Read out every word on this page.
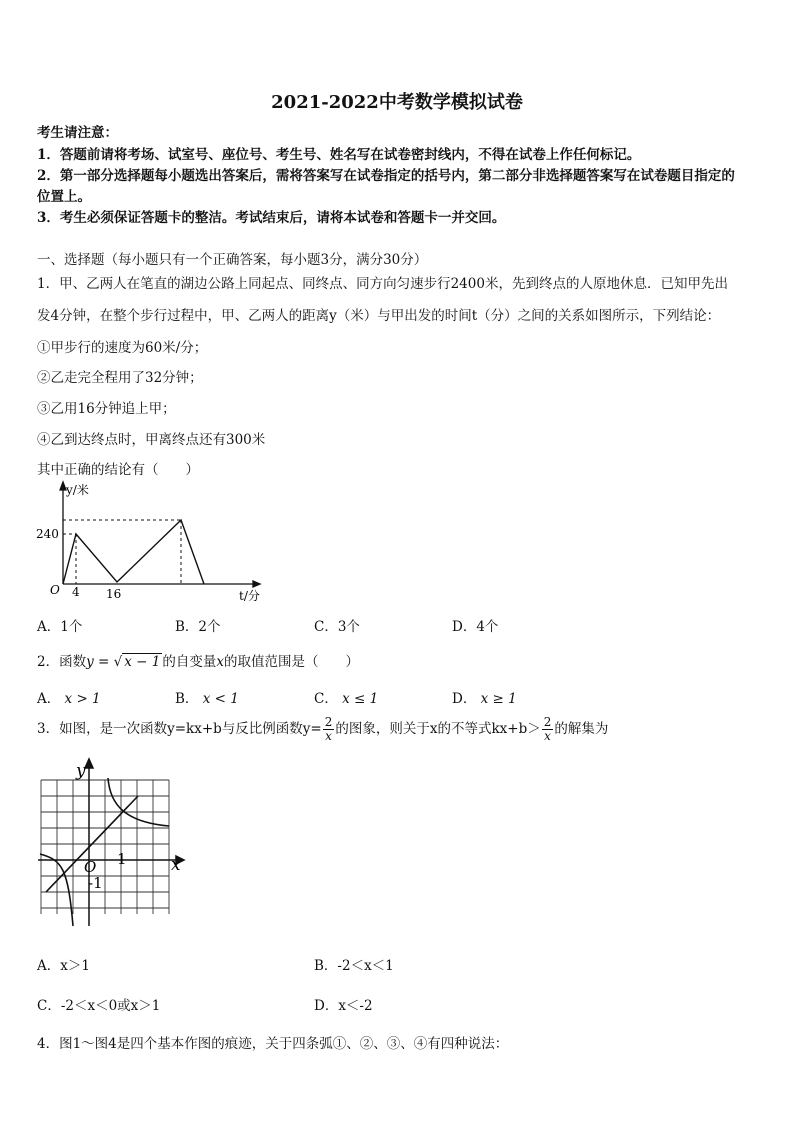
2021-2022中考数学模拟试卷
考生请注意：
1．答题前请将考场、试室号、座位号、考生号、姓名写在试卷密封线内，不得在试卷上作任何标记。
2．第一部分选择题每小题选出答案后，需将答案写在试卷指定的括号内，第二部分非选择题答案写在试卷题目指定的
位置上。
3．考生必须保证答题卡的整洁。考试结束后，请将本试卷和答题卡一并交回。
一、选择题（每小题只有一个正确答案，每小题3分，满分30分）
1．甲、乙两人在笔直的湖边公路上同起点、同终点、同方向匀速步行2400米，先到终点的人原地休息．已知甲先出
发4分钟，在整个步行过程中，甲、乙两人的距离y（米）与甲出发的时间t（分）之间的关系如图所示，下列结论：
①甲步行的速度为60米/分；
②乙走完全程用了32分钟；
③乙用16分钟追上甲；
④乙到达终点时，甲离终点还有300米
其中正确的结论有（　　）
y/米
240
O 4 16	t/分
A．1个	B．2个	C．3个	D．4个
2．函数y = √ x − 1 的自变量x的取值范围是（　　）
A． x > 1	B． x < 1	C． x ≤ 1	D． x ≥ 1
3．如图，是一次函数y=kx+b与反比例函数$y= \frac{2}{x}$ 的图象，则关于x的不等式$kx+b> \frac{2}{x}$ 的解集为
y
x
O 1
-1
A．x＞1	B．-2＜x＜1
C．-2＜x＜0或x＞1	D．x＜-2
4．图1～图4是四个基本作图的痕迹，关于四条弧①、②、③、④有四种说法：
